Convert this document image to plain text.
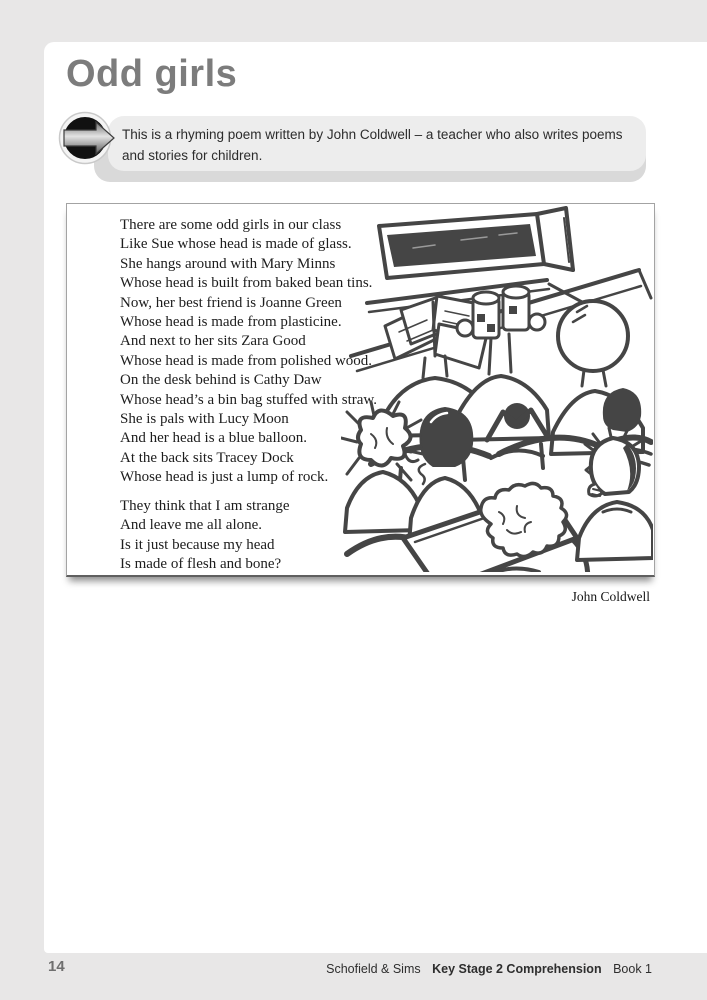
Odd girls
This is a rhyming poem written by John Coldwell – a teacher who also writes poems and stories for children.
There are some odd girls in our class
Like Sue whose head is made of glass.
She hangs around with Mary Minns
Whose head is built from baked bean tins.
Now, her best friend is Joanne Green
Whose head is made from plasticine.
And next to her sits Zara Good
Whose head is made from polished wood.
On the desk behind is Cathy Daw
Whose head’s a bin bag stuffed with straw.
She is pals with Lucy Moon
And her head is a blue balloon.
At the back sits Tracey Dock
Whose head is just a lump of rock.
They think that I am strange
And leave me all alone.
Is it just because my head
Is made of flesh and bone?
John Coldwell
14	Schofield & Sims Key Stage 2 Comprehension Book 1
